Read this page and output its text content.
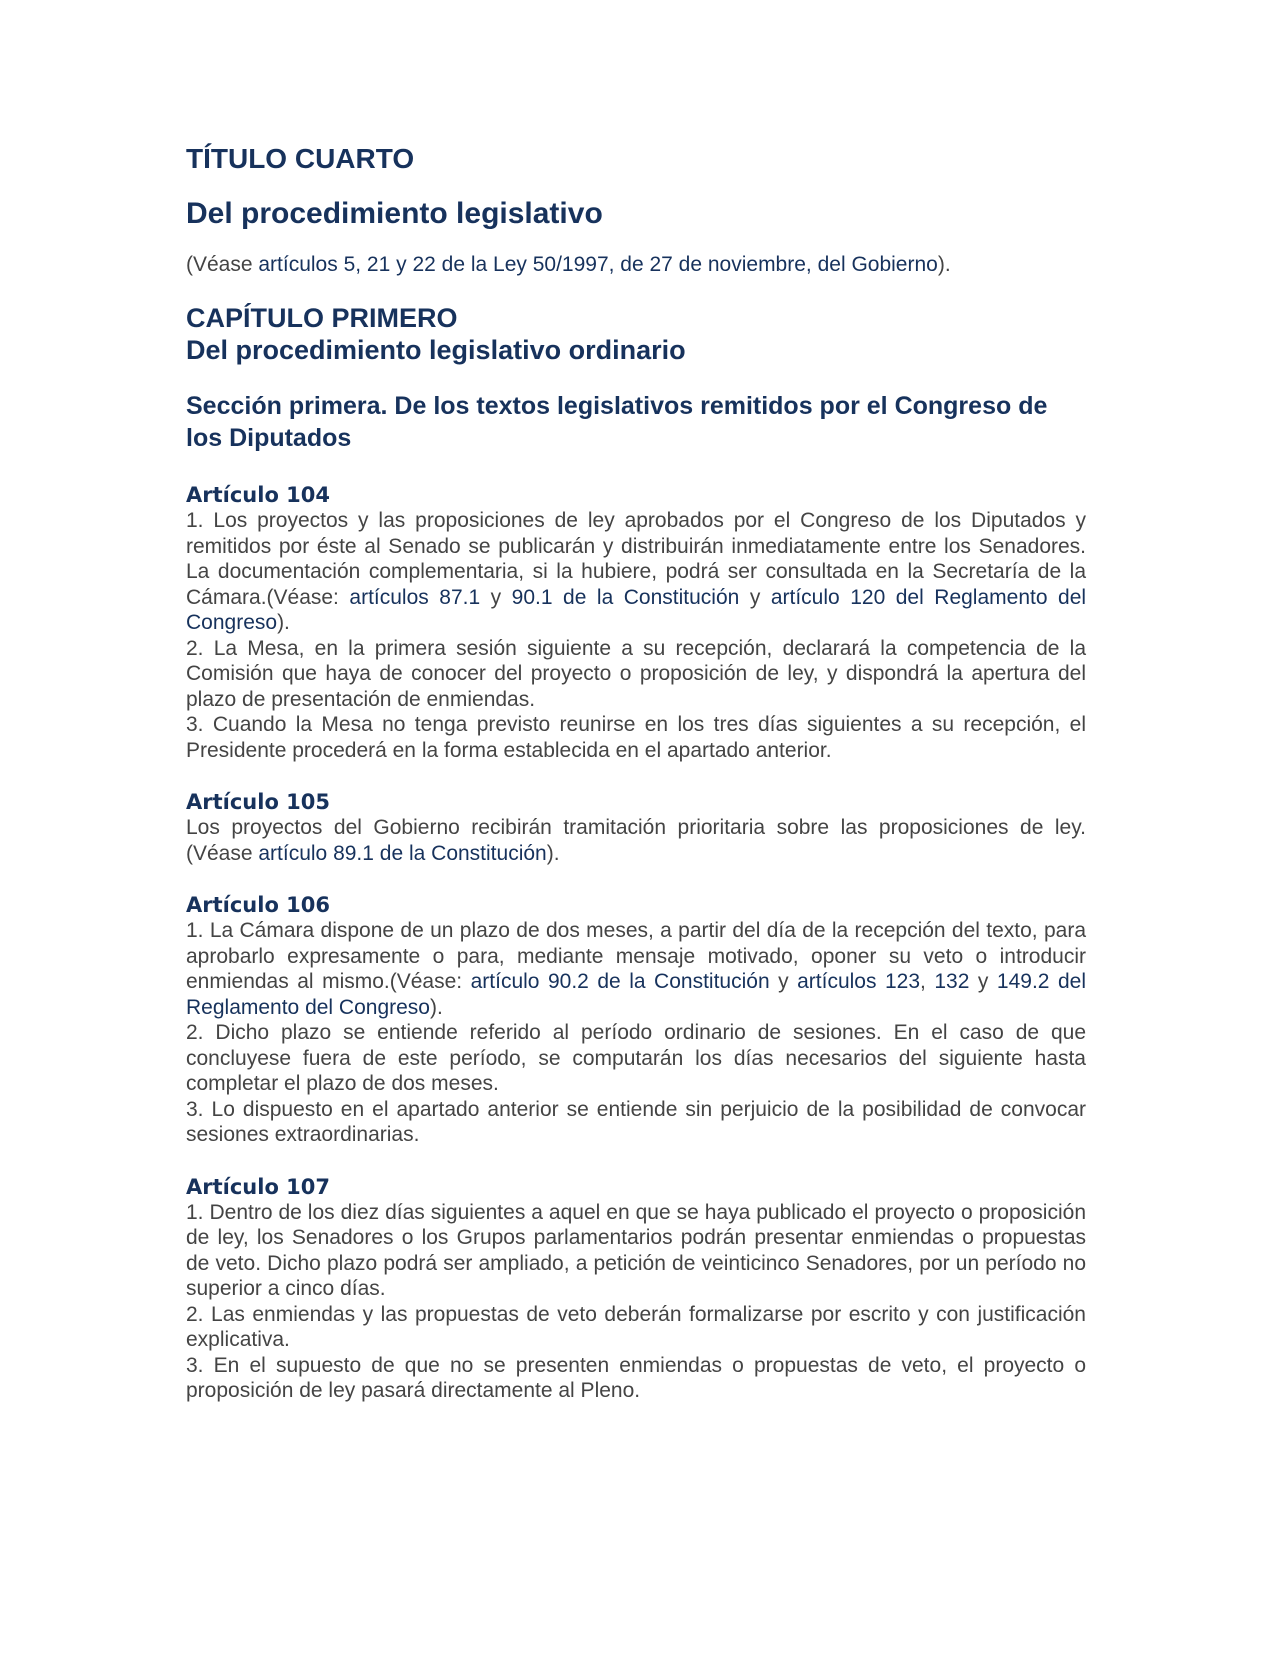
TÍTULO CUARTO
Del procedimiento legislativo

(Véase artículos 5, 21 y 22 de la Ley 50/1997, de 27 de noviembre, del Gobierno).

CAPÍTULO PRIMERO
Del procedimiento legislativo ordinario
Sección primera. De los textos legislativos remitidos por el Congreso de los Diputados
Artículo 104

1. Los proyectos y las proposiciones de ley aprobados por el Congreso de los Diputados y remitidos por éste al Senado se publicarán y distribuirán inmediatamente entre los Senadores. La documentación complementaria, si la hubiere, podrá ser consultada en la Secretaría de la Cámara.(Véase: artículos 87.1 y 90.1 de la Constitución y artículo 120 del Reglamento del Congreso).

2. La Mesa, en la primera sesión siguiente a su recepción, declarará la competencia de la Comisión que haya de conocer del proyecto o proposición de ley, y dispondrá la apertura del plazo de presentación de enmiendas.

3. Cuando la Mesa no tenga previsto reunirse en los tres días siguientes a su recepción, el Presidente procederá en la forma establecida en el apartado anterior.

Artículo 105

Los proyectos del Gobierno recibirán tramitación prioritaria sobre las proposiciones de ley.(Véase artículo 89.1 de la Constitución).

Artículo 106

1. La Cámara dispone de un plazo de dos meses, a partir del día de la recepción del texto, para aprobarlo expresamente o para, mediante mensaje motivado, oponer su veto o introducir enmiendas al mismo.(Véase: artículo 90.2 de la Constitución y artículos 123, 132 y 149.2 del Reglamento del Congreso).

2. Dicho plazo se entiende referido al período ordinario de sesiones. En el caso de que concluyese fuera de este período, se computarán los días necesarios del siguiente hasta completar el plazo de dos meses.

3. Lo dispuesto en el apartado anterior se entiende sin perjuicio de la posibilidad de convocar sesiones extraordinarias.

Artículo 107

1. Dentro de los diez días siguientes a aquel en que se haya publicado el proyecto o proposición de ley, los Senadores o los Grupos parlamentarios podrán presentar enmiendas o propuestas de veto. Dicho plazo podrá ser ampliado, a petición de veinticinco Senadores, por un período no superior a cinco días.

2. Las enmiendas y las propuestas de veto deberán formalizarse por escrito y con justificación explicativa.

3. En el supuesto de que no se presenten enmiendas o propuestas de veto, el proyecto o proposición de ley pasará directamente al Pleno.
